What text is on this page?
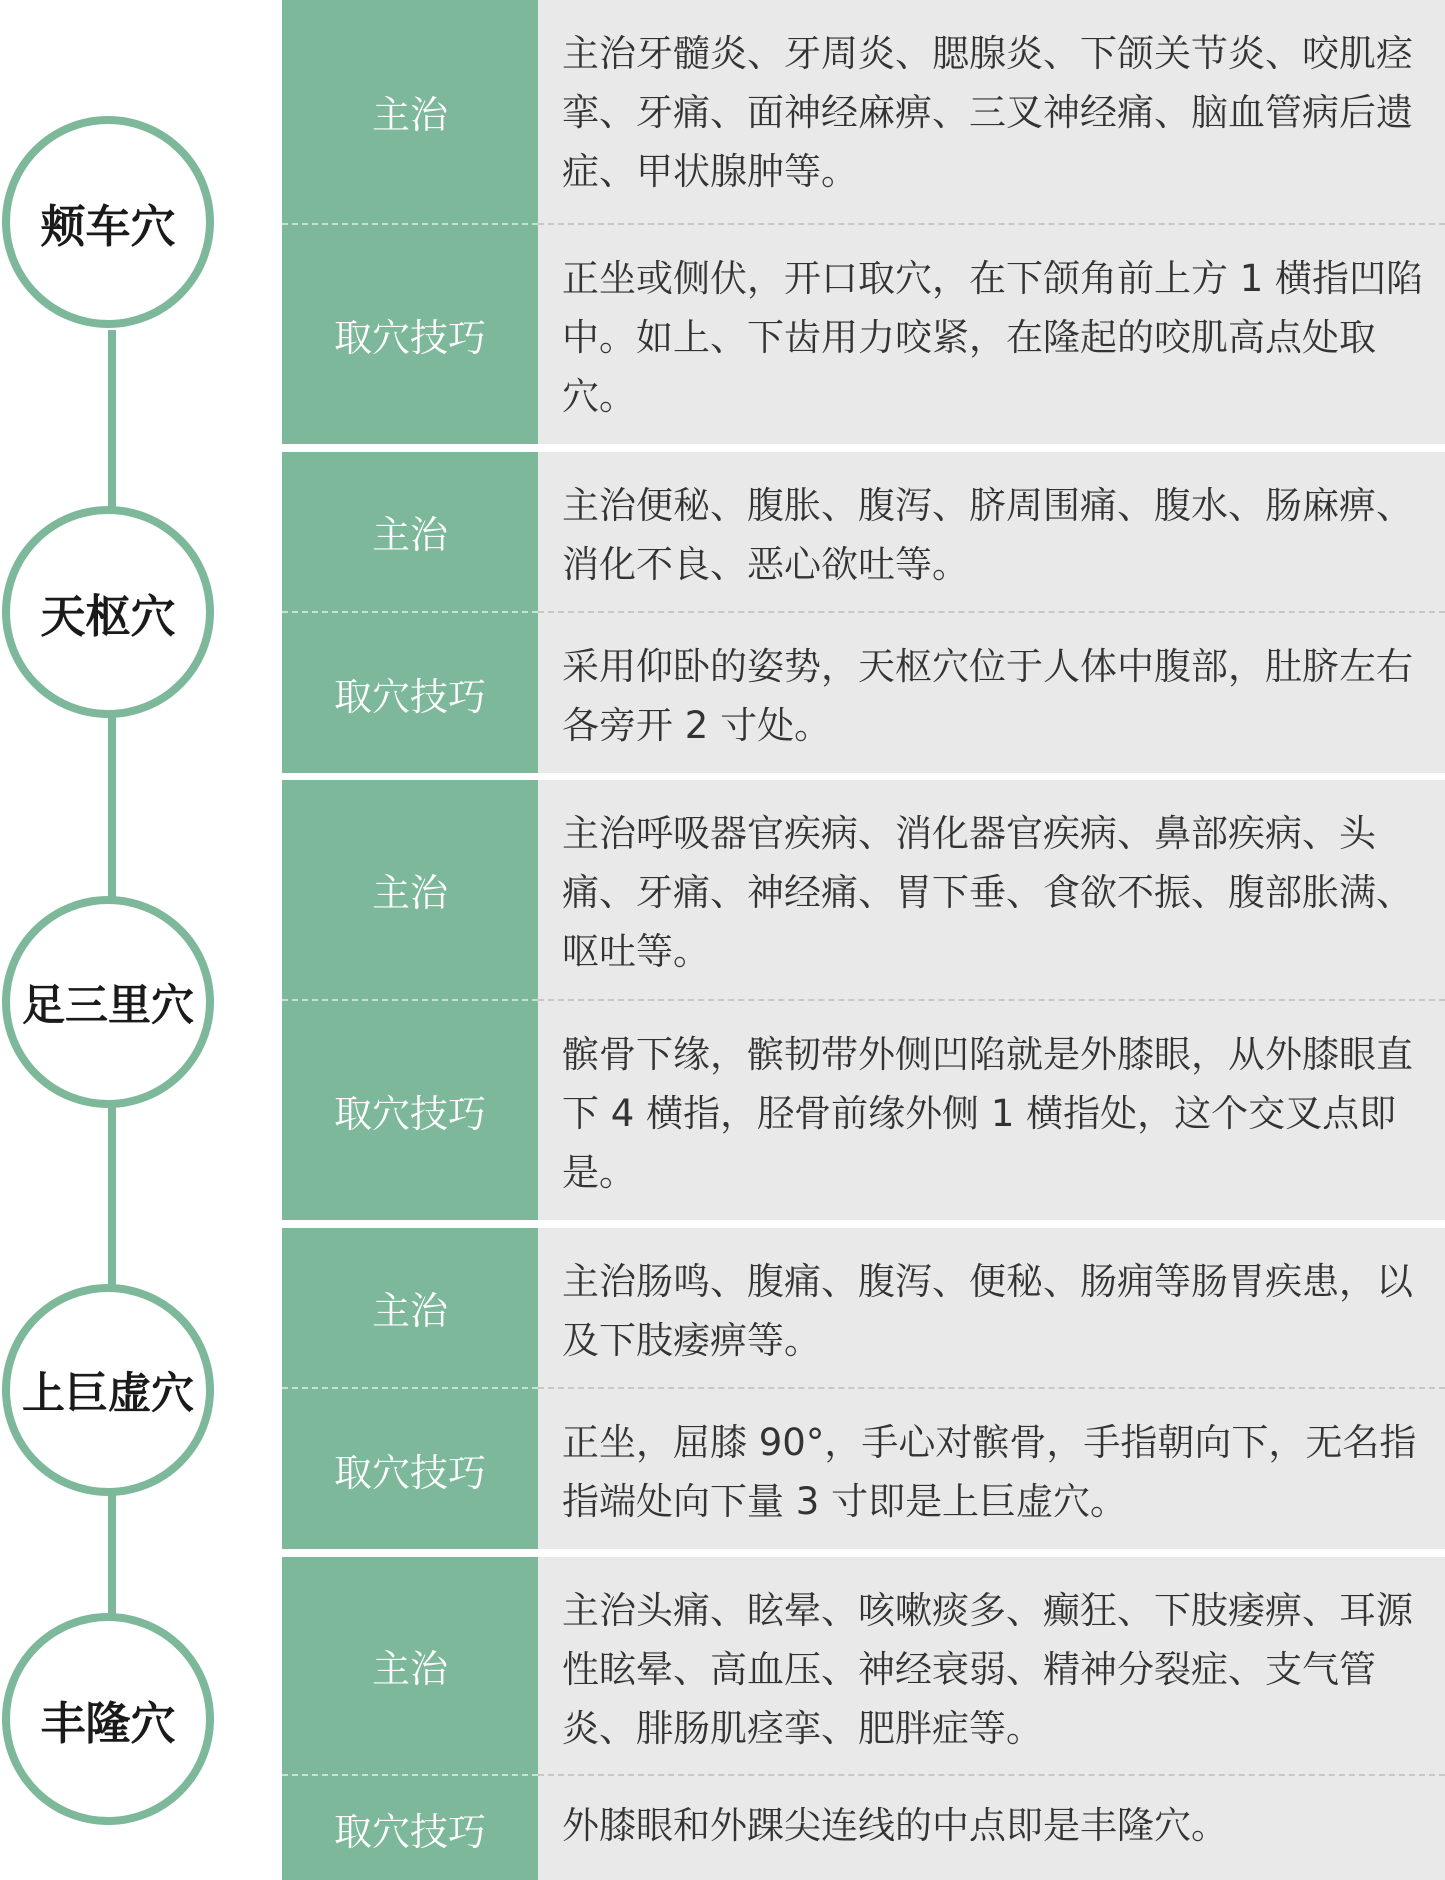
颊车穴
天枢穴
足三里穴
上巨虚穴
丰隆穴
主治
主治牙髓炎、牙周炎、腮腺炎、下颌关节炎、咬肌痉挛、牙痛、面神经麻痹、三叉神经痛、脑血管病后遗症、甲状腺肿等。
取穴技巧
正坐或侧伏，开口取穴，在下颌角前上方 1 横指凹陷中。如上、下齿用力咬紧，在隆起的咬肌高点处取穴。
主治
主治便秘、腹胀、腹泻、脐周围痛、腹水、肠麻痹、消化不良、恶心欲吐等。
取穴技巧
采用仰卧的姿势，天枢穴位于人体中腹部，肚脐左右各旁开 2 寸处。
主治
主治呼吸器官疾病、消化器官疾病、鼻部疾病、头痛、牙痛、神经痛、胃下垂、食欲不振、腹部胀满、呕吐等。
取穴技巧
髌骨下缘，髌韧带外侧凹陷就是外膝眼，从外膝眼直下 4 横指，胫骨前缘外侧 1 横指处，这个交叉点即是。
主治
主治肠鸣、腹痛、腹泻、便秘、肠痈等肠胃疾患，以及下肢痿痹等。
取穴技巧
正坐，屈膝 90°，手心对髌骨，手指朝向下，无名指指端处向下量 3 寸即是上巨虚穴。
主治
主治头痛、眩晕、咳嗽痰多、癫狂、下肢痿痹、耳源性眩晕、高血压、神经衰弱、精神分裂症、支气管炎、腓肠肌痉挛、肥胖症等。
取穴技巧	外膝眼和外踝尖连线的中点即是丰隆穴。
